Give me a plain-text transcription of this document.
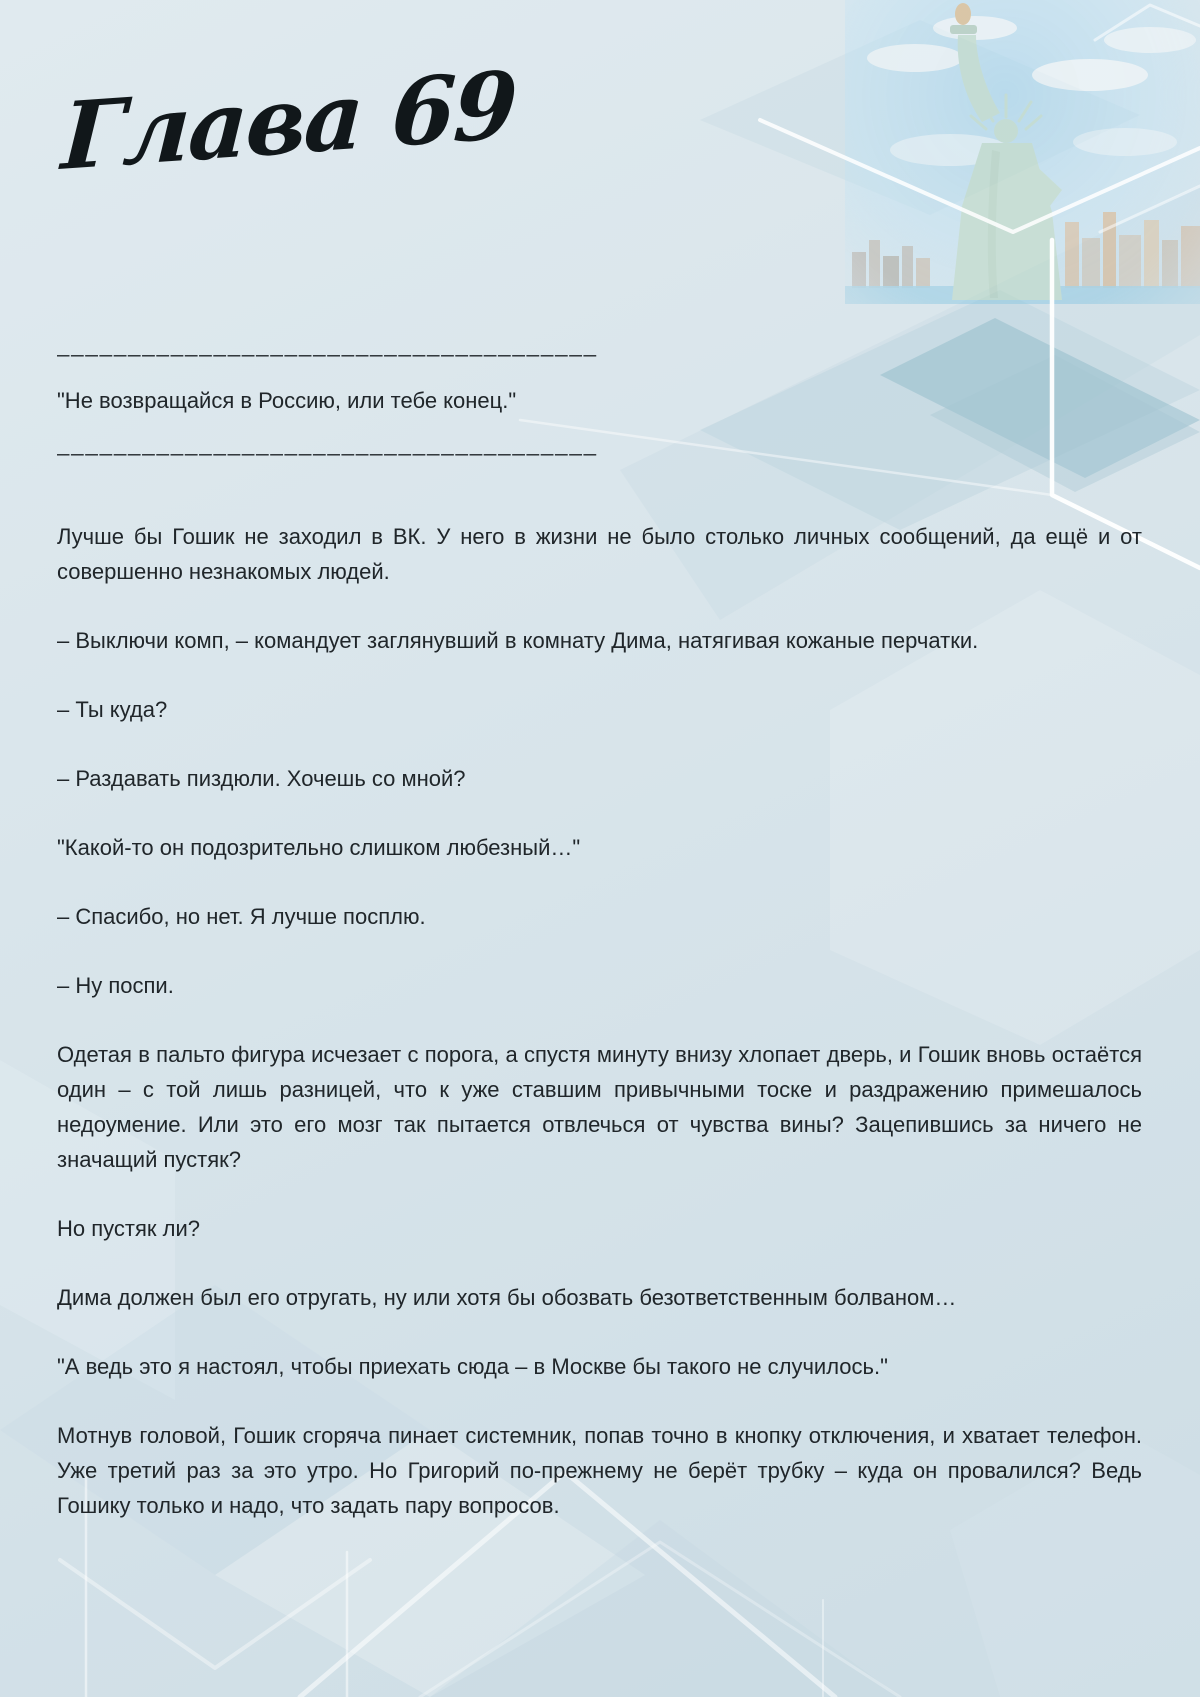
Глава 69
______________________________________

"Не возвращайся в Россию, или тебе конец."

______________________________________

Лучше бы Гошик не заходил в ВК. У него в жизни не было столько личных сообщений, да ещё и от совершенно незнакомых людей.

– Выключи комп, – командует заглянувший в комнату Дима, натягивая кожаные перчатки.

– Ты куда?

– Раздавать пиздюли. Хочешь со мной?

"Какой-то он подозрительно слишком любезный…"

– Спасибо, но нет. Я лучше посплю.

– Ну поспи.

Одетая в пальто фигура исчезает с порога, а спустя минуту внизу хлопает дверь, и Гошик вновь остаётся один – с той лишь разницей, что к уже ставшим привычными тоске и раздражению примешалось недоумение. Или это его мозг так пытается отвлечься от чувства вины? Зацепившись за ничего не значащий пустяк?

Но пустяк ли?

Дима должен был его отругать, ну или хотя бы обозвать безответственным болваном…

"А ведь это я настоял, чтобы приехать сюда – в Москве бы такого не случилось."

Мотнув головой, Гошик сгоряча пинает системник, попав точно в кнопку отключения, и хватает телефон. Уже третий раз за это утро. Но Григорий по-прежнему не берёт трубку – куда он провалился? Ведь Гошику только и надо, что задать пару вопросов.
